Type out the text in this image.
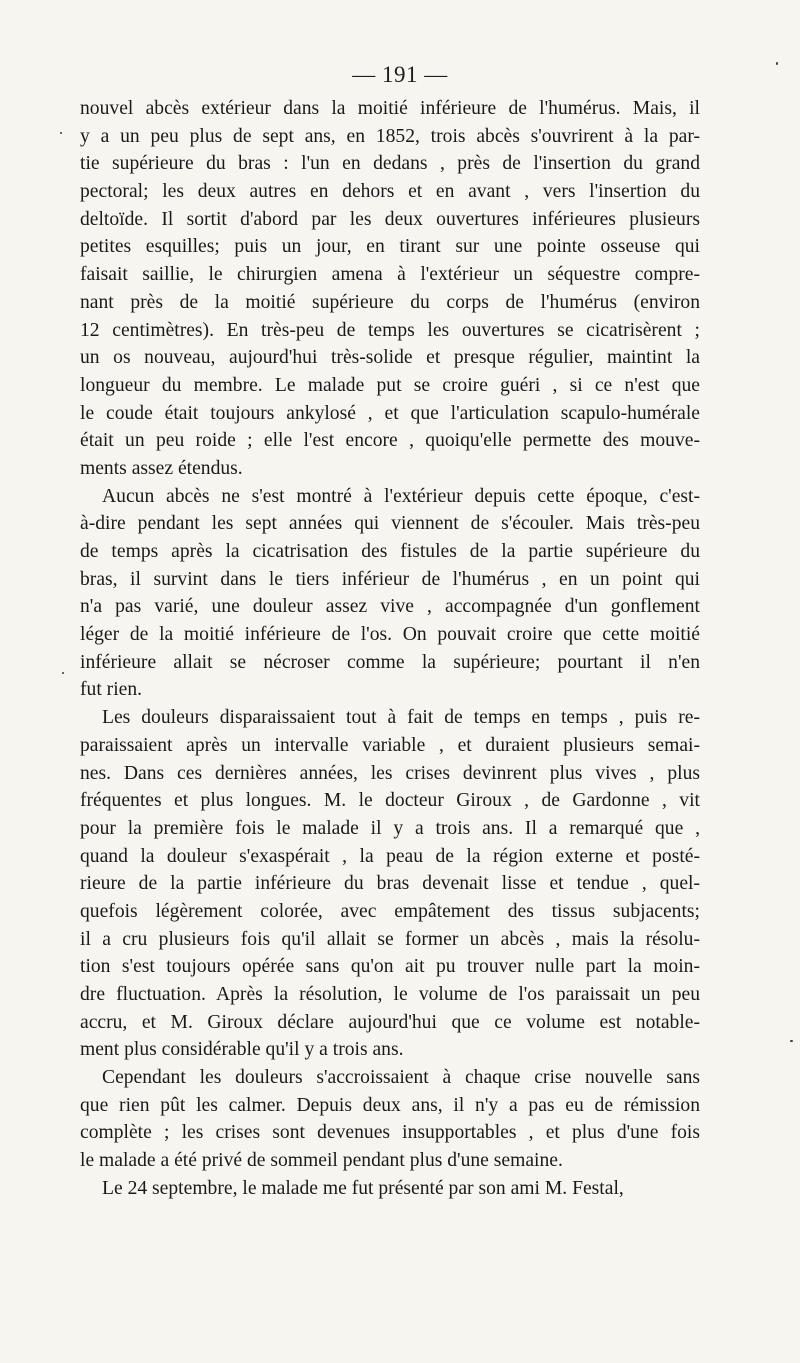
— 191 —
nouvel abcès extérieur dans la moitié inférieure de l'humérus. Mais, il
y a un peu plus de sept ans, en 1852, trois abcès s'ouvrirent à la par-
tie supérieure du bras : l'un en dedans , près de l'insertion du grand
pectoral; les deux autres en dehors et en avant , vers l'insertion du
deltoïde. Il sortit d'abord par les deux ouvertures inférieures plusieurs
petites esquilles; puis un jour, en tirant sur une pointe osseuse qui
faisait saillie, le chirurgien amena à l'extérieur un séquestre compre-
nant près de la moitié supérieure du corps de l'humérus (environ
12 centimètres). En très-peu de temps les ouvertures se cicatrisèrent ;
un os nouveau, aujourd'hui très-solide et presque régulier, maintint la
longueur du membre. Le malade put se croire guéri , si ce n'est que
le coude était toujours ankylosé , et que l'articulation scapulo-humérale
était un peu roide ; elle l'est encore , quoiqu'elle permette des mouve-
ments assez étendus.
Aucun abcès ne s'est montré à l'extérieur depuis cette époque, c'est-
à-dire pendant les sept années qui viennent de s'écouler. Mais très-peu
de temps après la cicatrisation des fistules de la partie supérieure du
bras, il survint dans le tiers inférieur de l'humérus , en un point qui
n'a pas varié, une douleur assez vive , accompagnée d'un gonflement
léger de la moitié inférieure de l'os. On pouvait croire que cette moitié
inférieure allait se nécroser comme la supérieure; pourtant il n'en
fut rien.
Les douleurs disparaissaient tout à fait de temps en temps , puis re-
paraissaient après un intervalle variable , et duraient plusieurs semai-
nes. Dans ces dernières années, les crises devinrent plus vives , plus
fréquentes et plus longues. M. le docteur Giroux , de Gardonne , vit
pour la première fois le malade il y a trois ans. Il a remarqué que ,
quand la douleur s'exaspérait , la peau de la région externe et posté-
rieure de la partie inférieure du bras devenait lisse et tendue , quel-
quefois légèrement colorée, avec empâtement des tissus subjacents;
il a cru plusieurs fois qu'il allait se former un abcès , mais la résolu-
tion s'est toujours opérée sans qu'on ait pu trouver nulle part la moin-
dre fluctuation. Après la résolution, le volume de l'os paraissait un peu
accru, et M. Giroux déclare aujourd'hui que ce volume est notable-
ment plus considérable qu'il y a trois ans.
Cependant les douleurs s'accroissaient à chaque crise nouvelle sans
que rien pût les calmer. Depuis deux ans, il n'y a pas eu de rémission
complète ; les crises sont devenues insupportables , et plus d'une fois
le malade a été privé de sommeil pendant plus d'une semaine.
Le 24 septembre, le malade me fut présenté par son ami M. Festal,
